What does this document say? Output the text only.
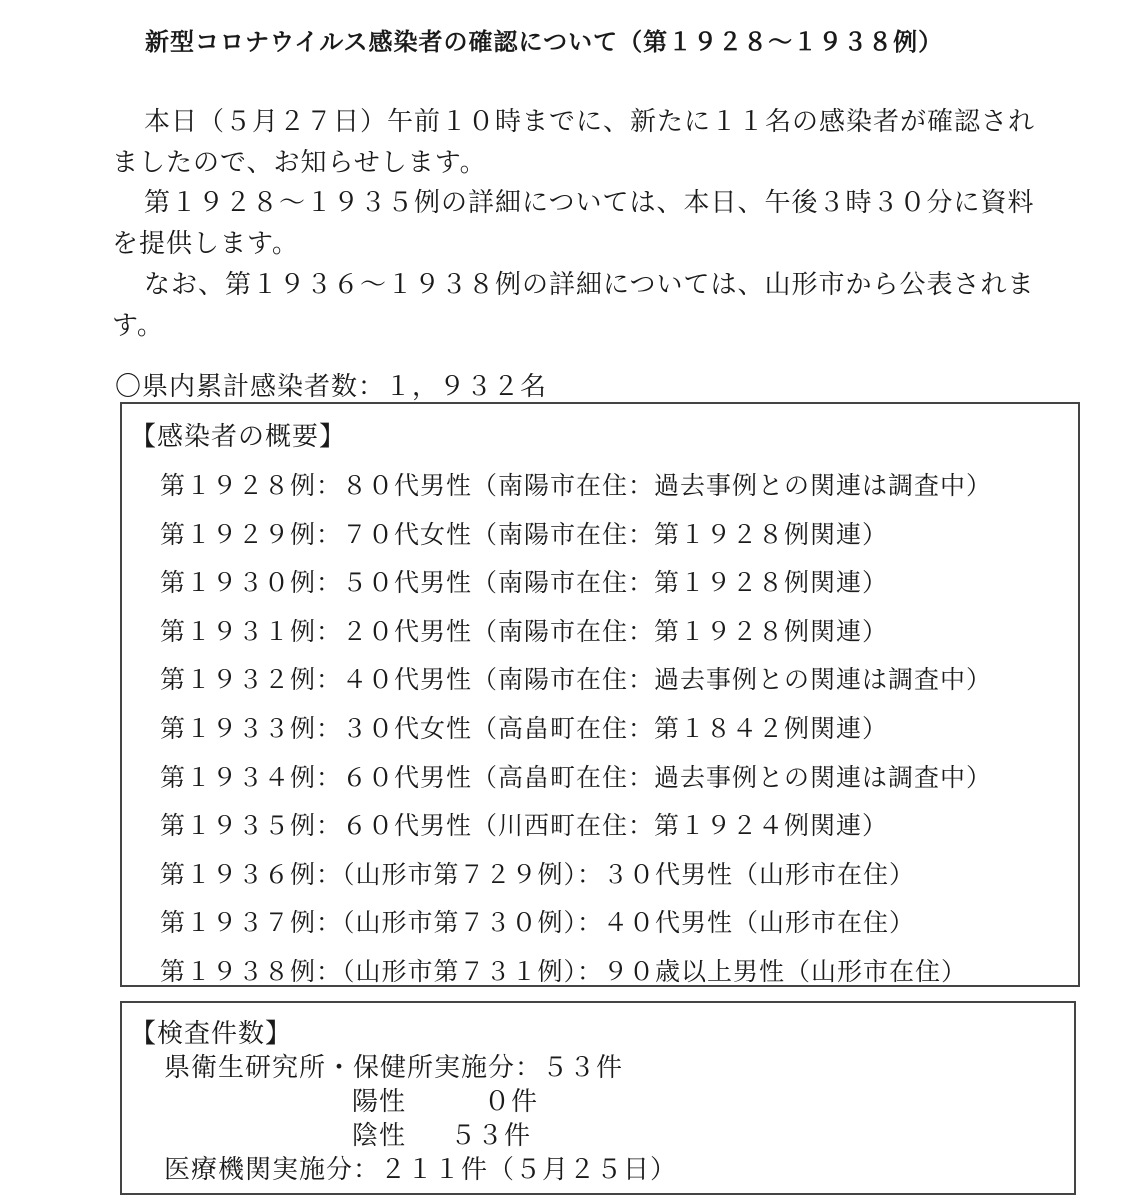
新型コロナウイルス感染者の確認について（第１９２８～１９３８例）

本日（５月２７日）午前１０時までに、新たに１１名の感染者が確認されましたので、お知らせします。

第１９２８～１９３５例の詳細については、本日、午後３時３０分に資料を提供します。

なお、第１９３６～１９３８例の詳細については、山形市から公表されます。

〇県内累計感染者数：１，９３２名
【感染者の概要】
第１９２８例：８０代男性（南陽市在住：過去事例との関連は調査中）
第１９２９例：７０代女性（南陽市在住：第１９２８例関連）
第１９３０例：５０代男性（南陽市在住：第１９２８例関連）
第１９３１例：２０代男性（南陽市在住：第１９２８例関連）
第１９３２例：４０代男性（南陽市在住：過去事例との関連は調査中）
第１９３３例：３０代女性（高畠町在住：第１８４２例関連）
第１９３４例：６０代男性（高畠町在住：過去事例との関連は調査中）
第１９３５例：６０代男性（川西町在住：第１９２４例関連）
第１９３６例：（山形市第７２９例）：３０代男性（山形市在住）
第１９３７例：（山形市第７３０例）：４０代男性（山形市在住）
第１９３８例：（山形市第７３１例）：９０歳以上男性（山形市在住）
【検査件数】
県衛生研究所・保健所実施分：５３件
陽性	０件
陰性 ５３件
医療機関実施分：２１１件（５月２５日）
